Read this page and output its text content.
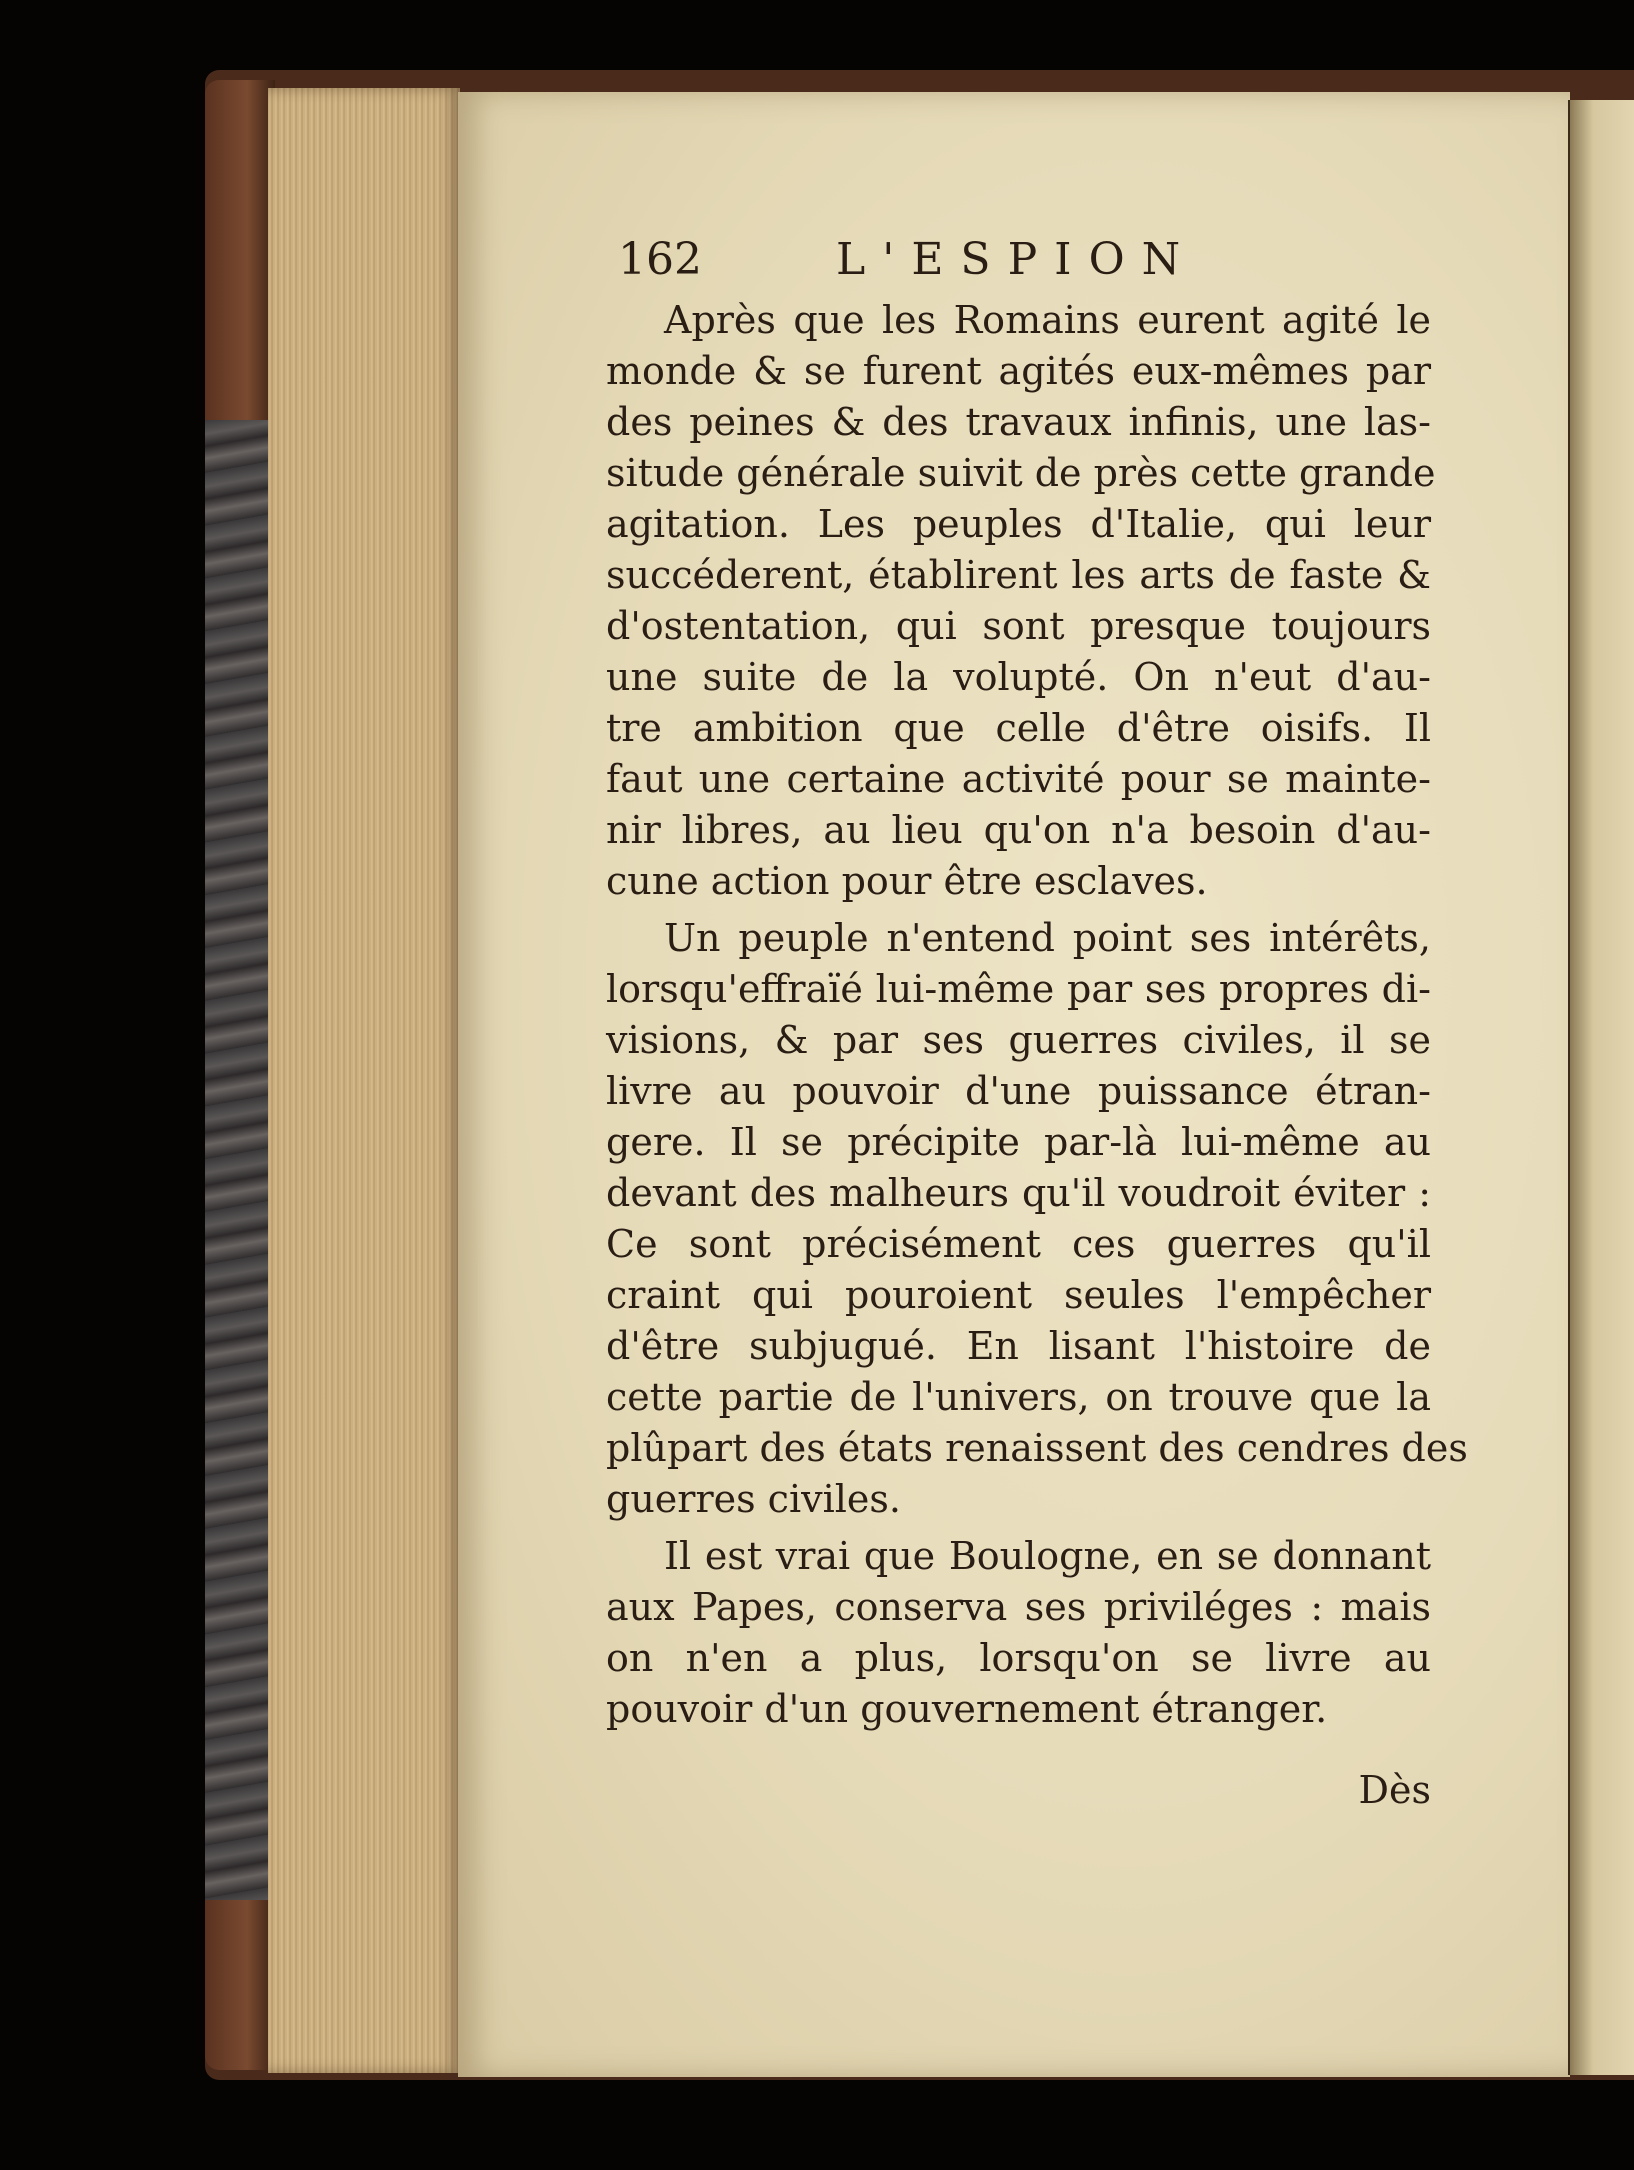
162	L'ESPION

Après que les Romains eurent agité le
monde & se furent agités eux-mêmes par
des peines & des travaux infinis, une las-
situde générale suivit de près cette grande
agitation. Les peuples d'Italie, qui leur
succéderent, établirent les arts de faste &
d'ostentation, qui sont presque toujours
une suite de la volupté. On n'eut d'au-
tre ambition que celle d'être oisifs. Il
faut une certaine activité pour se mainte-
nir libres, au lieu qu'on n'a besoin d'au-
cune action pour être esclaves.

Un peuple n'entend point ses intérêts,
lorsqu'effraïé lui-même par ses propres di-
visions, & par ses guerres civiles, il se
livre au pouvoir d'une puissance étran-
gere. Il se précipite par-là lui-même au
devant des malheurs qu'il voudroit éviter :
Ce sont précisément ces guerres qu'il
craint qui pouroient seules l'empêcher
d'être subjugué. En lisant l'histoire de
cette partie de l'univers, on trouve que la
plûpart des états renaissent des cendres des
guerres civiles.

Il est vrai que Boulogne, en se donnant
aux Papes, conserva ses priviléges : mais
on n'en a plus, lorsqu'on se livre au
pouvoir d'un gouvernement étranger.

Dès
